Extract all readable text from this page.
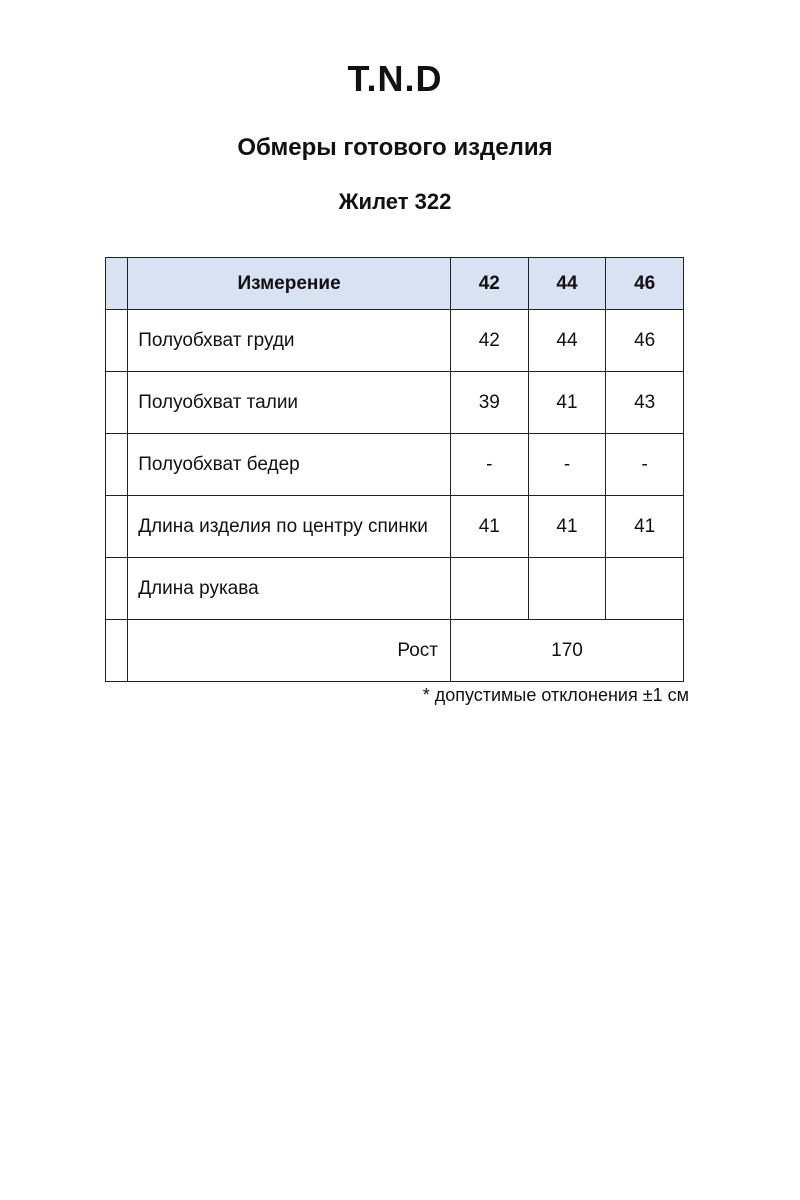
T.N.D
Обмеры готового изделия
Жилет 322
	Измерение	42	44	46
	Полуобхват груди	42	44	46
	Полуобхват талии	39	41	43
	Полуобхват бедер	-	-	-
	Длина изделия по центру спинки	41	41	41
	Длина рукава			
	Рост	170		
* допустимые отклонения ±1 см
